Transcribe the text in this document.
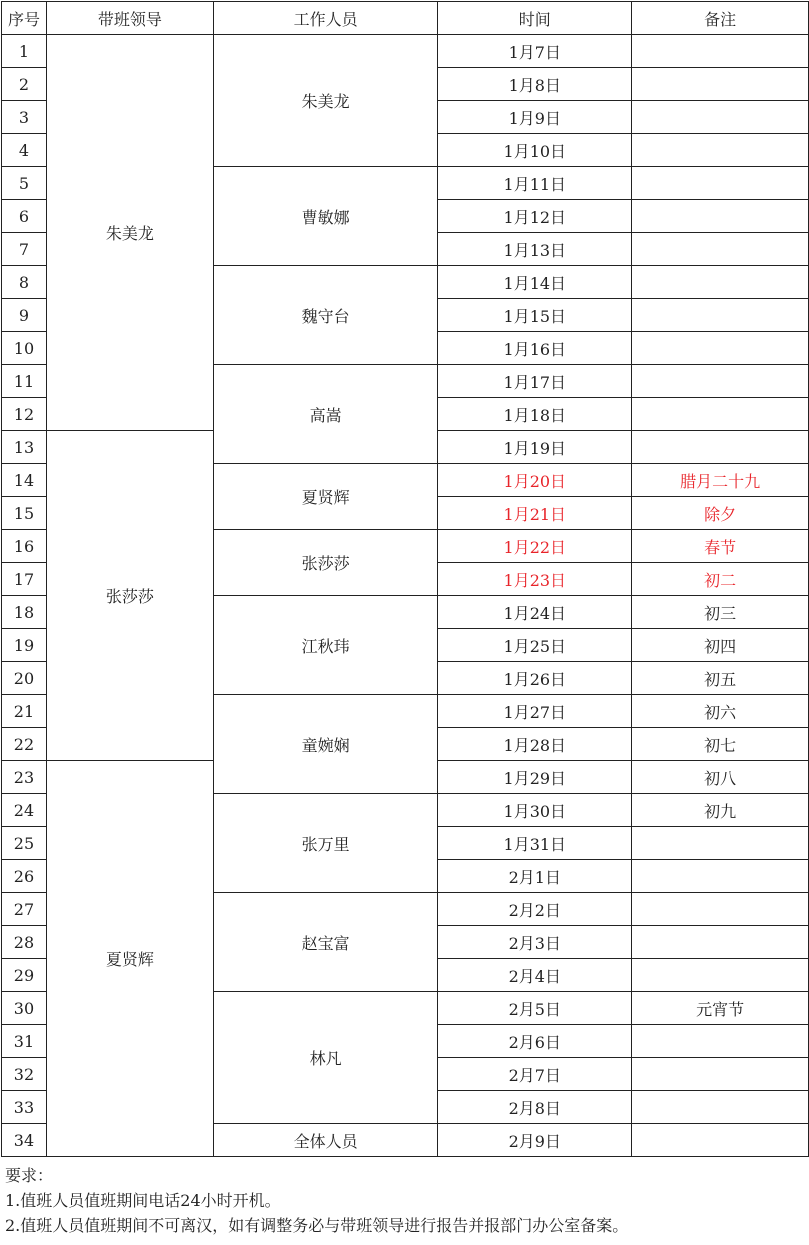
序号	带班领导	工作人员	时间	备注
1	朱美龙	朱美龙	1月7日	
2			1月8日	
3			1月9日	
4			1月10日	
5		曹敏娜	1月11日	
6			1月12日	
7			1月13日	
8		魏守台	1月14日	
9			1月15日	
10			1月16日	
11		高嵩	1月17日	
12			1月18日	
13	张莎莎		1月19日	
14		夏贤辉	1月20日	腊月二十九
15			1月21日	除夕
16		张莎莎	1月22日	春节
17			1月23日	初二
18		江秋玮	1月24日	初三
19			1月25日	初四
20			1月26日	初五
21		童婉娴	1月27日	初六
22			1月28日	初七
23	夏贤辉		1月29日	初八
24		张万里	1月30日	初九
25			1月31日	
26			2月1日	
27		赵宝富	2月2日	
28			2月3日	
29			2月4日	
30		林凡	2月5日	元宵节
31			2月6日	
32			2月7日	
33			2月8日	
34		全体人员	2月9日	
要求：
1.值班人员值班期间电话24小时开机。
2.值班人员值班期间不可离汉，如有调整务必与带班领导进行报告并报部门办公室备案。
